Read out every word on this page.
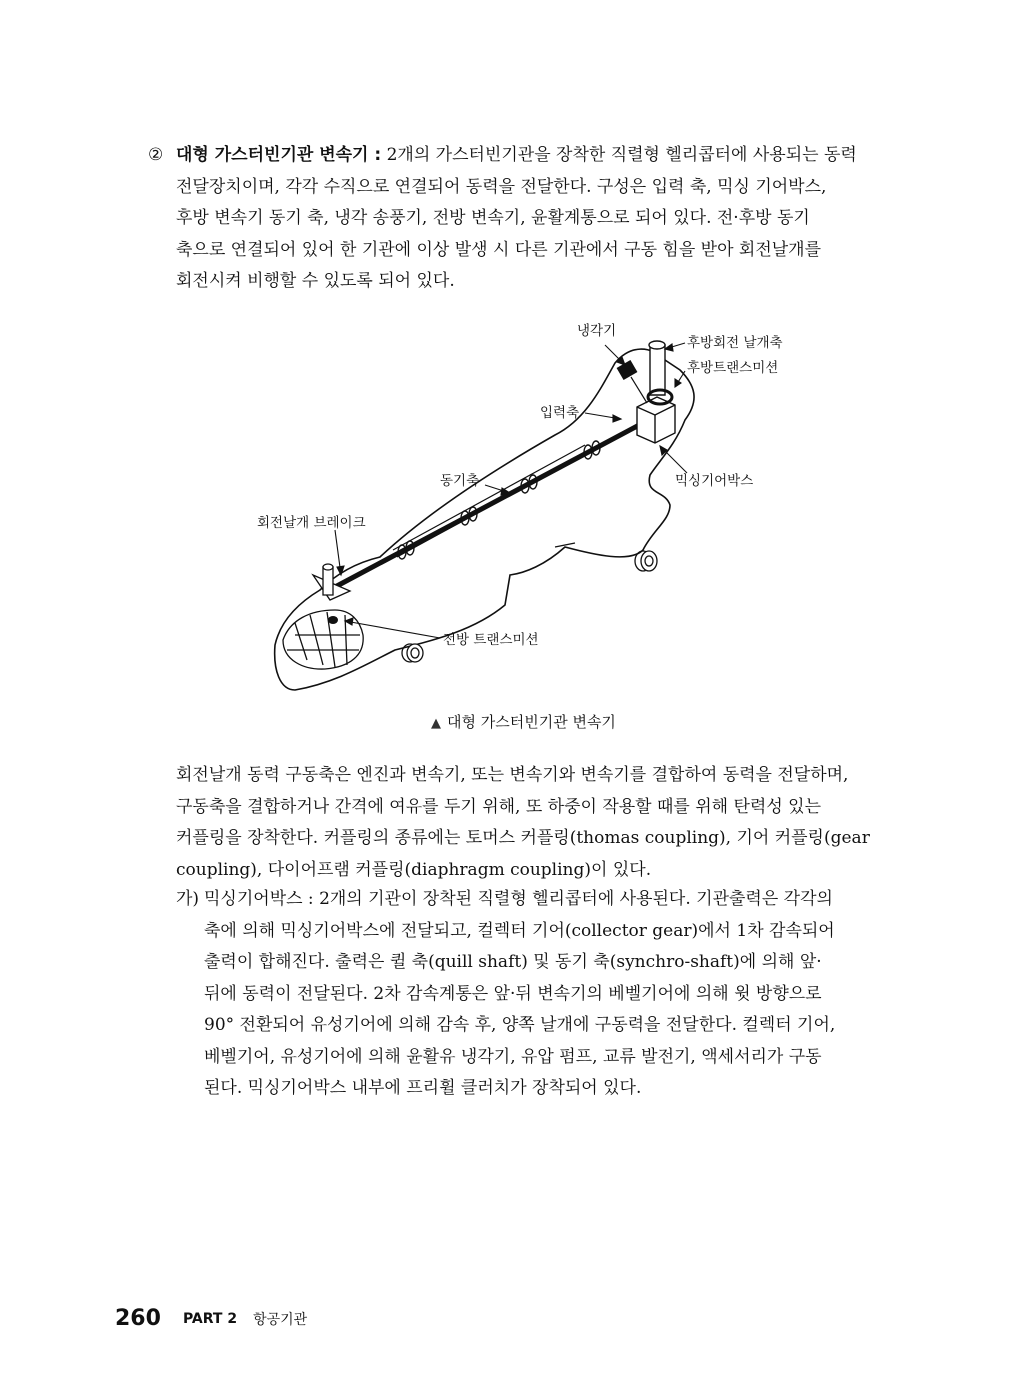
② 대형 가스터빈기관 변속기 : 2개의 가스터빈기관을 장착한 직렬형 헬리콥터에 사용되는 동력
전달장치이며, 각각 수직으로 연결되어 동력을 전달한다. 구성은 입력 축, 믹싱 기어박스,
후방 변속기 동기 축, 냉각 송풍기, 전방 변속기, 윤활계통으로 되어 있다. 전·후방 동기
축으로 연결되어 있어 한 기관에 이상 발생 시 다른 기관에서 구동 힘을 받아 회전날개를
회전시켜 비행할 수 있도록 되어 있다.
냉각기
후방회전 날개축
후방트랜스미션
입력축
동기축	믹싱기어박스
회전날개 브레이크
전방 트랜스미션
▲ 대형 가스터빈기관 변속기
회전날개 동력 구동축은 엔진과 변속기, 또는 변속기와 변속기를 결합하여 동력을 전달하며,
구동축을 결합하거나 간격에 여유를 두기 위해, 또 하중이 작용할 때를 위해 탄력성 있는
커플링을 장착한다. 커플링의 종류에는 토머스 커플링(thomas coupling), 기어 커플링(gear
coupling), 다이어프램 커플링(diaphragm coupling)이 있다.
가) 믹싱기어박스 : 2개의 기관이 장착된 직렬형 헬리콥터에 사용된다. 기관출력은 각각의
축에 의해 믹싱기어박스에 전달되고, 컬렉터 기어(collector gear)에서 1차 감속되어
출력이 합해진다. 출력은 퀼 축(quill shaft) 및 동기 축(synchro-shaft)에 의해 앞·
뒤에 동력이 전달된다. 2차 감속계통은 앞·뒤 변속기의 베벨기어에 의해 윗 방향으로
90° 전환되어 유성기어에 의해 감속 후, 양쪽 날개에 구동력을 전달한다. 컬렉터 기어,
베벨기어, 유성기어에 의해 윤활유 냉각기, 유압 펌프, 교류 발전기, 액세서리가 구동
된다. 믹싱기어박스 내부에 프리휠 클러치가 장착되어 있다.
260 PART 2 항공기관
